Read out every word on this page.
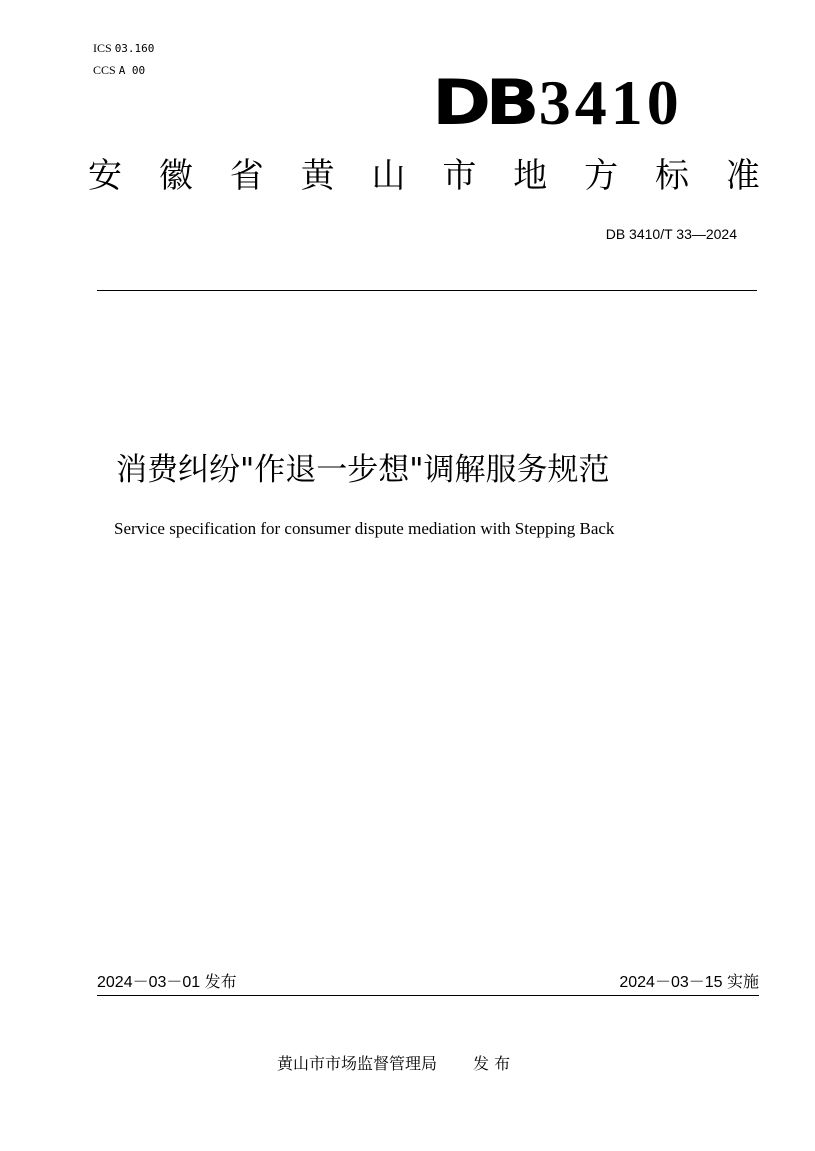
ICS 03.160
CCS A 00	DB 3410
安 徽 省 黄 山 市 地 方 标 准
DB 3410/T 33—2024
消费纠纷"作退一步想"调解服务规范
Service specification for consumer dispute mediation with Stepping Back
2024－03－01 发布	2024－03－15 实施
黄山市市场监督管理局 发 布
